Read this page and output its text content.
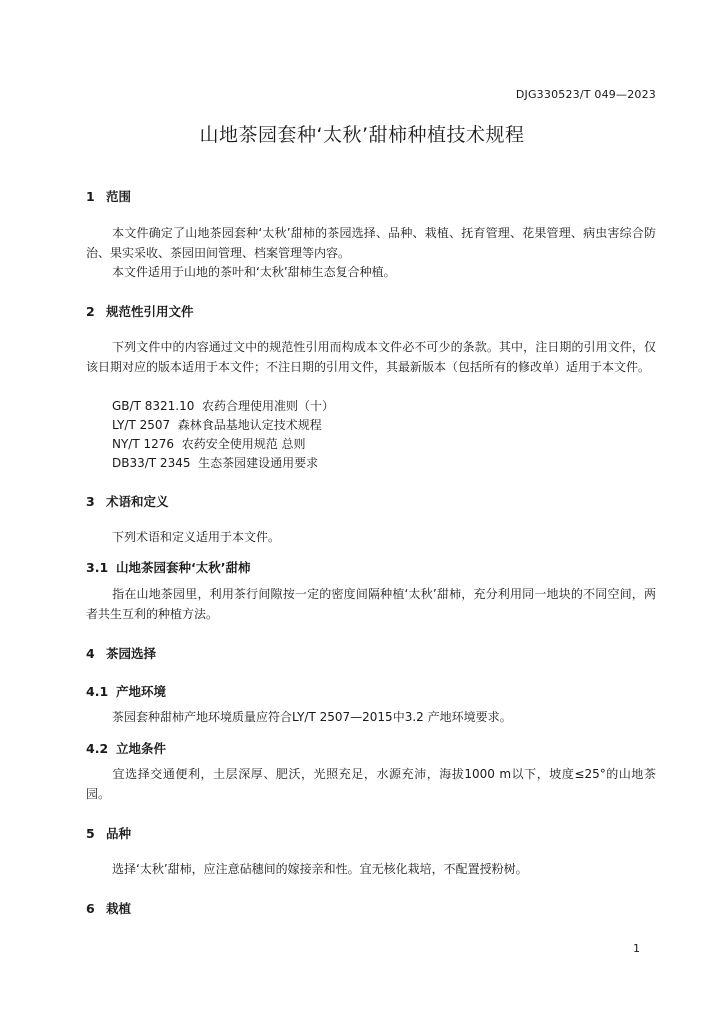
DJG330523/T 049—2023
山地茶园套种‘太秋’甜柿种植技术规程
1 范围
本文件确定了山地茶园套种‘太秋’甜柿的茶园选择、品种、栽植、抚育管理、花果管理、病虫害综合防治、果实采收、茶园田间管理、档案管理等内容。
本文件适用于山地的茶叶和‘太秋’甜柿生态复合种植。
2 规范性引用文件
下列文件中的内容通过文中的规范性引用而构成本文件必不可少的条款。其中，注日期的引用文件，仅该日期对应的版本适用于本文件；不注日期的引用文件，其最新版本（包括所有的修改单）适用于本文件。
GB/T 8321.10 农药合理使用准则（十）
LY/T 2507 森林食品基地认定技术规程
NY/T 1276 农药安全使用规范 总则
DB33/T 2345 生态茶园建设通用要求
3 术语和定义
下列术语和定义适用于本文件。
3.1 山地茶园套种‘太秋’甜柿
指在山地茶园里，利用茶行间隙按一定的密度间隔种植‘太秋’甜柿，充分利用同一地块的不同空间，两者共生互利的种植方法。
4 茶园选择
4.1 产地环境
茶园套种甜柿产地环境质量应符合LY/T 2507—2015中3.2 产地环境要求。
4.2 立地条件
宜选择交通便利，土层深厚、肥沃，光照充足，水源充沛，海拔1000 m以下，坡度≤25°的山地茶园。
5 品种
选择‘太秋’甜柿，应注意砧穗间的嫁接亲和性。宜无核化栽培，不配置授粉树。
6 栽植
1
